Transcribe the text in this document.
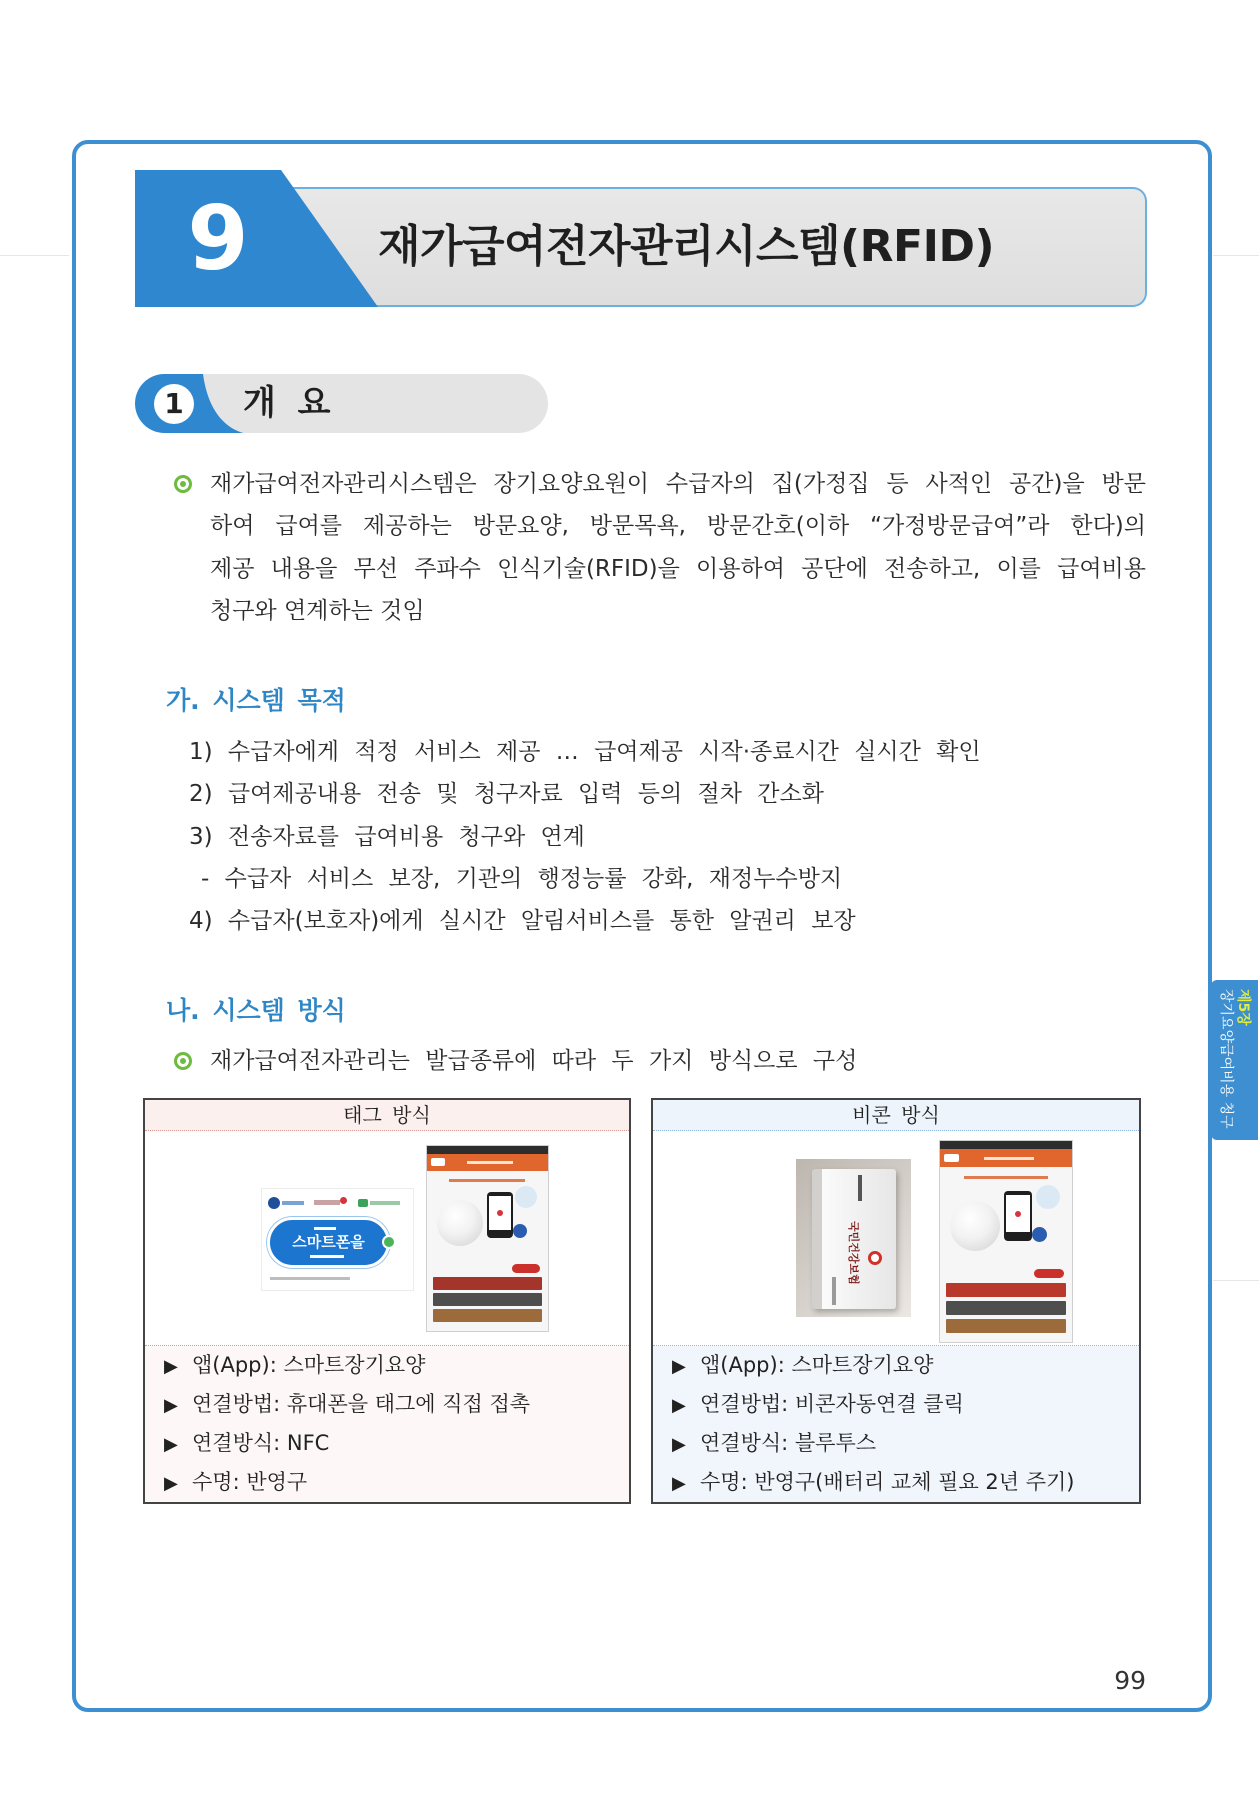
9	재가급여전자관리시스템(RFID)
1	개 요
재가급여전자관리시스템은 장기요양요원이 수급자의 집(가정집 등 사적인 공간)을 방문
하여 급여를 제공하는 방문요양, 방문목욕, 방문간호(이하 “가정방문급여”라 한다)의
제공 내용을 무선 주파수 인식기술(RFID)을 이용하여 공단에 전송하고, 이를 급여비용
청구와 연계하는 것임
가. 시스템 목적
1) 수급자에게 적정 서비스 제공 … 급여제공 시작·종료시간 실시간 확인
2) 급여제공내용 전송 및 청구자료 입력 등의 절차 간소화
3) 전송자료를 급여비용 청구와 연계
- 수급자 서비스 보장, 기관의 행정능률 강화, 재정누수방지
4) 수급자(보호자)에게 실시간 알림서비스를 통한 알권리 보장
나. 시스템 방식
재가급여전자관리는 발급종류에 따라 두 가지 방식으로 구성
태그 방식
스마트폰을
▶ 앱(App): 스마트장기요양
▶ 연결방법: 휴대폰을 태그에 직접 접촉
▶ 연결방식: NFC
▶ 수명: 반영구
비콘 방식
국민건강보험
▶ 앱(App): 스마트장기요양
▶ 연결방법: 비콘자동연결 클릭
▶ 연결방식: 블루투스
▶ 수명: 반영구(배터리 교체 필요 2년 주기)
제5장
장기요양급여비용 청구
99
